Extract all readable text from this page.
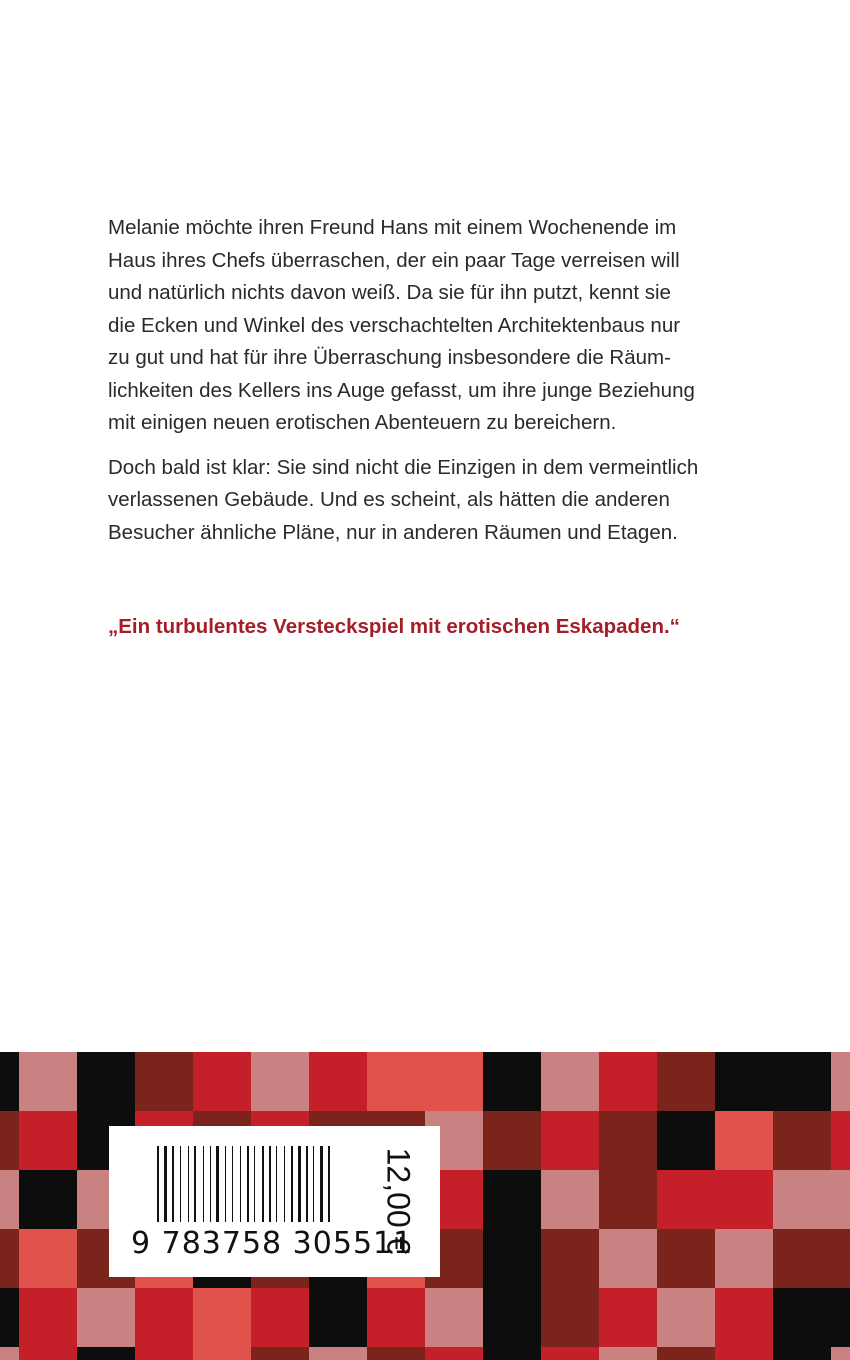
Melanie möchte ihren Freund Hans mit einem Wochenende im
Haus ihres Chefs überraschen, der ein paar Tage verreisen will
und natürlich nichts davon weiß. Da sie für ihn putzt, kennt sie
die Ecken und Winkel des verschachtelten Architektenbaus nur
zu gut und hat für ihre Überraschung insbesondere die Räum-
lichkeiten des Kellers ins Auge gefasst, um ihre junge Beziehung
mit einigen neuen erotischen Abenteuern zu bereichern.
Doch bald ist klar: Sie sind nicht die Einzigen in dem vermeintlich
verlassenen Gebäude. Und es scheint, als hätten die anderen
Besucher ähnliche Pläne, nur in anderen Räumen und Etagen.
„Ein turbulentes Versteckspiel mit erotischen Eskapaden.“
9 783758 305511
12,00 €
